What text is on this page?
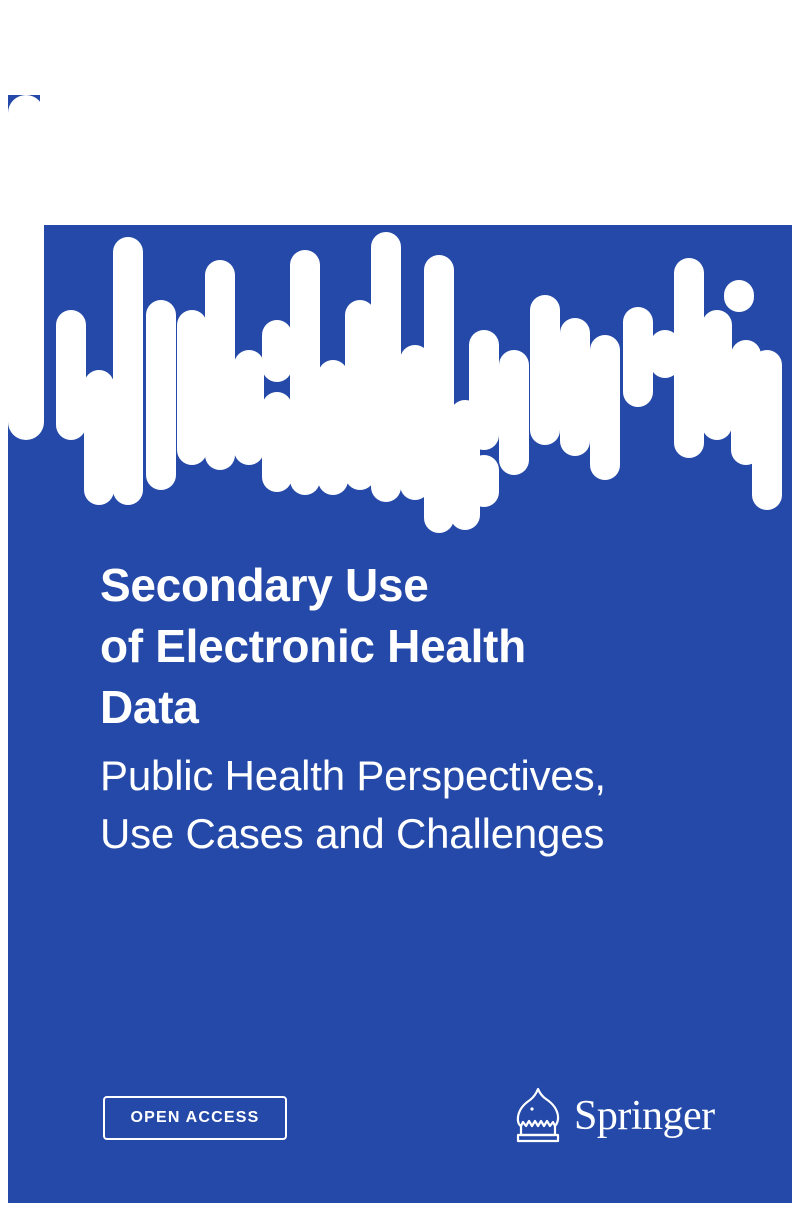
Secondary Use
of Electronic Health
Data
Public Health Perspectives,
Use Cases and Challenges
OPEN ACCESS	Springer
